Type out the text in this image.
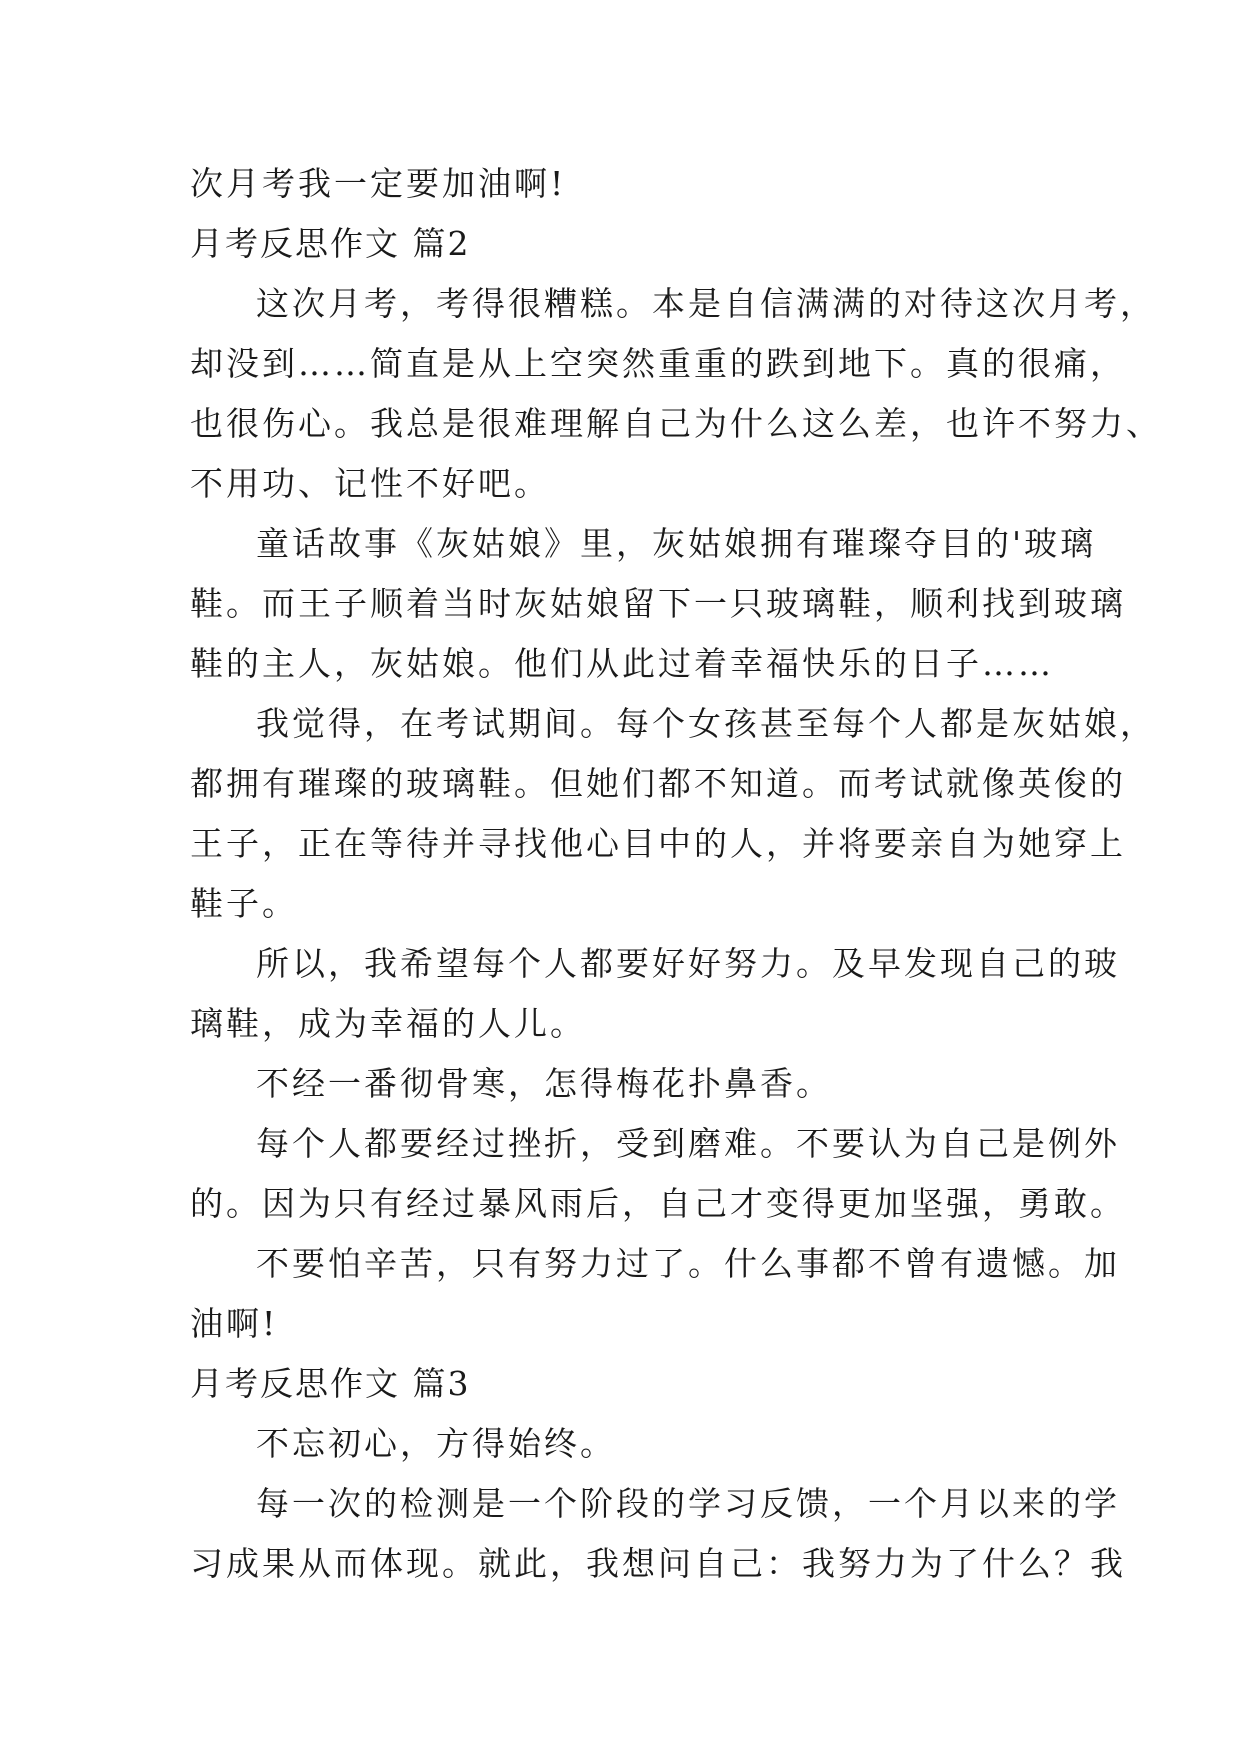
次月考我一定要加油啊!
月考反思作文 篇2
这次月考，考得很糟糕。本是自信满满的对待这次月考，
却没到……简直是从上空突然重重的跌到地下。真的很痛，
也很伤心。我总是很难理解自己为什么这么差，也许不努力、
不用功、记性不好吧。
童话故事《灰姑娘》里，灰姑娘拥有璀璨夺目的'玻璃
鞋。而王子顺着当时灰姑娘留下一只玻璃鞋，顺利找到玻璃
鞋的主人，灰姑娘。他们从此过着幸福快乐的日子……
我觉得，在考试期间。每个女孩甚至每个人都是灰姑娘，
都拥有璀璨的玻璃鞋。但她们都不知道。而考试就像英俊的
王子，正在等待并寻找他心目中的人，并将要亲自为她穿上
鞋子。
所以，我希望每个人都要好好努力。及早发现自己的玻
璃鞋，成为幸福的人儿。
不经一番彻骨寒，怎得梅花扑鼻香。
每个人都要经过挫折，受到磨难。不要认为自己是例外
的。因为只有经过暴风雨后，自己才变得更加坚强，勇敢。
不要怕辛苦，只有努力过了。什么事都不曾有遗憾。加
油啊!
月考反思作文 篇3
不忘初心，方得始终。
每一次的检测是一个阶段的学习反馈，一个月以来的学
习成果从而体现。就此，我想问自己：我努力为了什么？我
